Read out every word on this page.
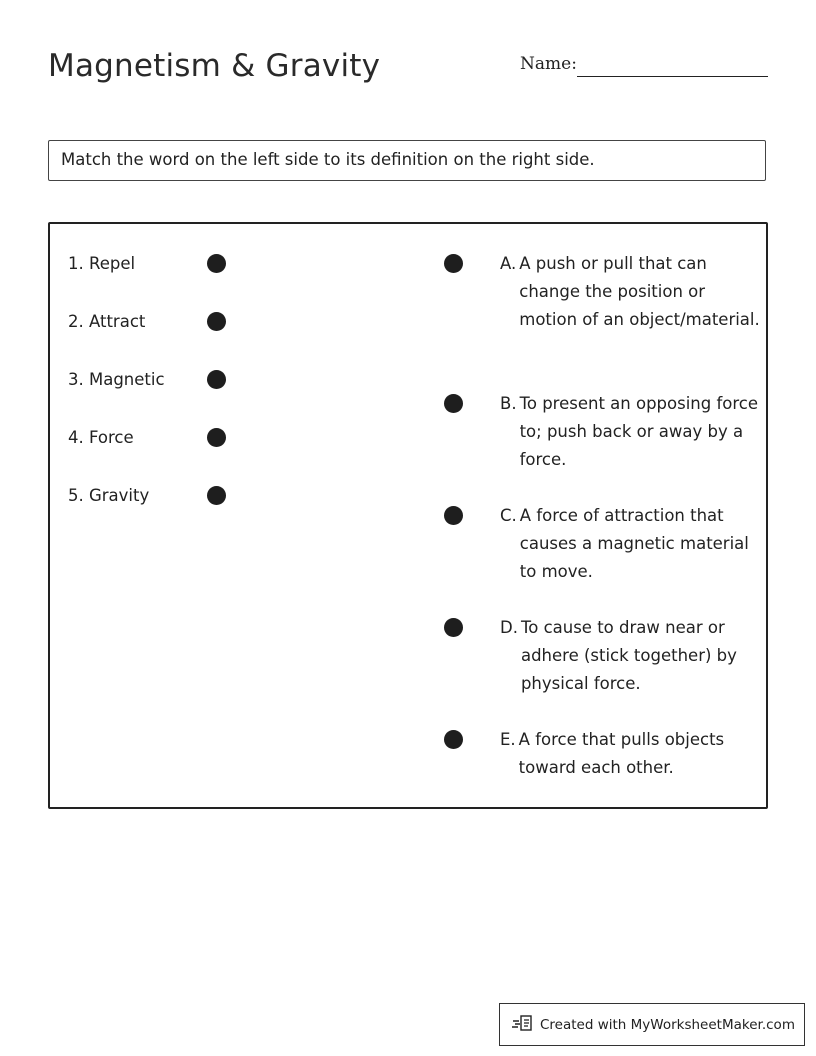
Magnetism & Gravity	Name:
Match the word on the left side to its definition on the right side.
1. Repel
2. Attract
3. Magnetic
4. Force
5. Gravity
A. A push or pull that can change the position or motion of an object/material.
B. To present an opposing force to; push back or away by a force.
C. A force of attraction that causes a magnetic material to move.
D. To cause to draw near or adhere (stick together) by physical force.
E. A force that pulls objects toward each other.
Created with MyWorksheetMaker.com
